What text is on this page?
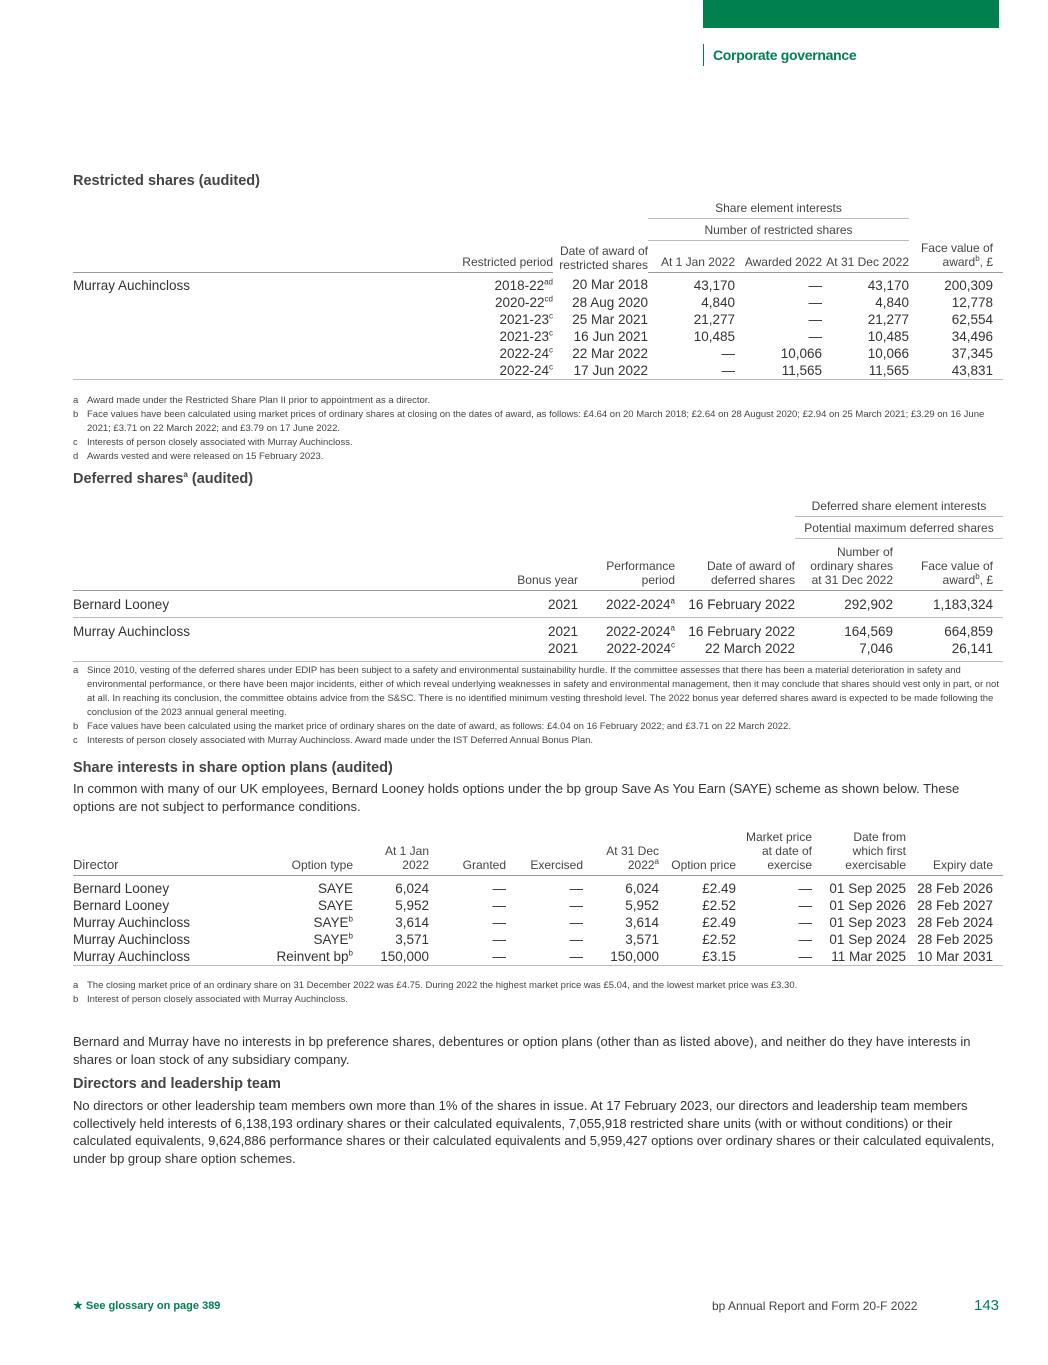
Corporate governance
Restricted shares (audited)
			Share element interests			
		Date of award of restricted shares	Number of restricted shares			
	Restricted period		At 1 Jan 2022	Awarded 2022	At 31 Dec 2022	Face value of award$^b$, £
Murray Auchincloss	$2018-22^{ad}$	20 Mar 2018	43,170	—	43,170	200,309
	$2020-22^{cd}$	28 Aug 2020	4,840	—	4,840	12,778
	2021-23$^c$	25 Mar 2021	21,277	—	21,277	62,554
	2021-23$^c$	16 Jun 2021	10,485	—	10,485	34,496
	2022-24$^c$	22 Mar 2022	—	10,066	10,066	37,345
	2022-24$^c$	17 Jun 2022	—	11,565	11,565	43,831
a Award made under the Restricted Share Plan II prior to appointment as a director.
b Face values have been calculated using market prices of ordinary shares at closing on the dates of award, as follows: £4.64 on 20 March 2018; £2.64 on 28 August 2020; £2.94 on 25 March 2021; £3.29 on 16 June 2021; £3.71 on 22 March 2022; and £3.79 on 17 June 2022.
c Interests of person closely associated with Murray Auchincloss.
d Awards vested and were released on 15 February 2023.
Deferred shares$^a$ (audited)
				Deferred share element interests	
				Potential maximum deferred shares	
	Bonus year	Performance period	Date of award of deferred shares	Number of ordinary shares at 31 Dec 2022	Face value of award$^b$, £
Bernard Looney	2021	2022-2024$^a$	16 February 2022	292,902	1,183,324
Murray Auchincloss	2021	2022-2024$^a$	16 February 2022	164,569	664,859
	2021	2022-2024$^c$	22 March 2022	7,046	26,141
a Since 2010, vesting of the deferred shares under EDIP has been subject to a safety and environmental sustainability hurdle. If the committee assesses that there has been a material deterioration in safety and environmental performance, or there have been major incidents, either of which reveal underlying weaknesses in safety and environmental management, then it may conclude that shares should vest only in part, or not at all. In reaching its conclusion, the committee obtains advice from the S&SC. There is no identified minimum vesting threshold level. The 2022 bonus year deferred shares award is expected to be made following the conclusion of the 2023 annual general meeting.
b Face values have been calculated using the market price of ordinary shares on the date of award, as follows: £4.04 on 16 February 2022; and £3.71 on 22 March 2022.
c Interests of person closely associated with Murray Auchincloss. Award made under the IST Deferred Annual Bonus Plan.
Share interests in share option plans (audited)
In common with many of our UK employees, Bernard Looney holds options under the bp group Save As You Earn (SAYE) scheme as shown below. These options are not subject to performance conditions.
Director	Option type	At 1 Jan 2022	Granted	Exercised	At 31 Dec 2022$^a$	Option price	Market price at date of exercise	Date from which first exercisable	Expiry date
Bernard Looney	SAYE	6,024	—	—	6,024	£2.49	—	01 Sep 2025	28 Feb 2026
Bernard Looney	SAYE	5,952	—	—	5,952	£2.52	—	01 Sep 2026	28 Feb 2027
Murray Auchincloss	SAYE$^b$	3,614	—	—	3,614	£2.49	—	01 Sep 2023	28 Feb 2024
Murray Auchincloss	SAYE$^b$	3,571	—	—	3,571	£2.52	—	01 Sep 2024	28 Feb 2025
Murray Auchincloss	Reinvent $bp^b$	150,000	—	—	150,000	£3.15	—	11 Mar 2025	10 Mar 2031
a The closing market price of an ordinary share on 31 December 2022 was £4.75. During 2022 the highest market price was £5.04, and the lowest market price was £3.30.
b Interest of person closely associated with Murray Auchincloss.
Bernard and Murray have no interests in bp preference shares, debentures or option plans (other than as listed above), and neither do they have interests in shares or loan stock of any subsidiary company.
Directors and leadership team
No directors or other leadership team members own more than 1% of the shares in issue. At 17 February 2023, our directors and leadership team members collectively held interests of 6,138,193 ordinary shares or their calculated equivalents, 7,055,918 restricted share units (with or without conditions) or their calculated equivalents, 9,624,886 performance shares or their calculated equivalents and 5,959,427 options over ordinary shares or their calculated equivalents, under bp group share option schemes.
★ See glossary on page 389	bp Annual Report and Form 20-F 2022	143
